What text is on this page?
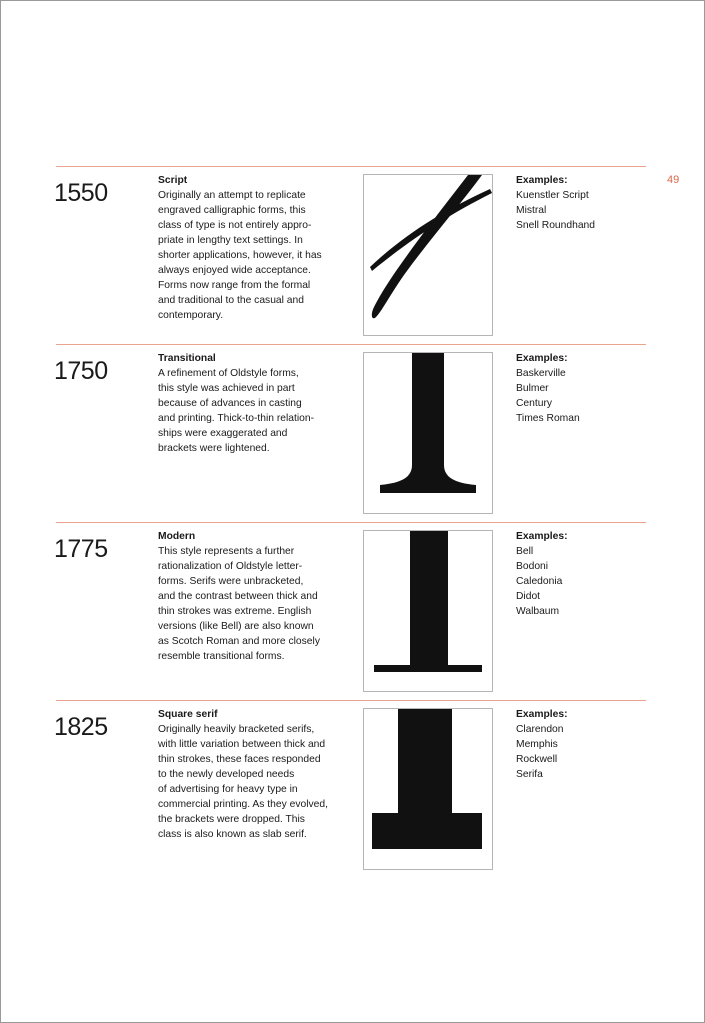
49
1550	Script
Originally an attempt to replicate
engraved calligraphic forms, this
class of type is not entirely appro-
priate in lengthy text settings. In
shorter applications, however, it has
always enjoyed wide acceptance.
Forms now range from the formal
and traditional to the casual and
contemporary.
Examples:
Kuenstler Script
Mistral
Snell Roundhand
1750	Transitional
A refinement of Oldstyle forms,
this style was achieved in part
because of advances in casting
and printing. Thick-to-thin relation-
ships were exaggerated and
brackets were lightened.
Examples:
Baskerville
Bulmer
Century
Times Roman
1775	Modern
This style represents a further
rationalization of Oldstyle letter-
forms. Serifs were unbracketed,
and the contrast between thick and
thin strokes was extreme. English
versions (like Bell) are also known
as Scotch Roman and more closely
resemble transitional forms.
Examples:
Bell
Bodoni
Caledonia
Didot
Walbaum
1825	Square serif
Originally heavily bracketed serifs,
with little variation between thick and
thin strokes, these faces responded
to the newly developed needs
of advertising for heavy type in
commercial printing. As they evolved,
the brackets were dropped. This
class is also known as slab serif.
Examples:
Clarendon
Memphis
Rockwell
Serifa
